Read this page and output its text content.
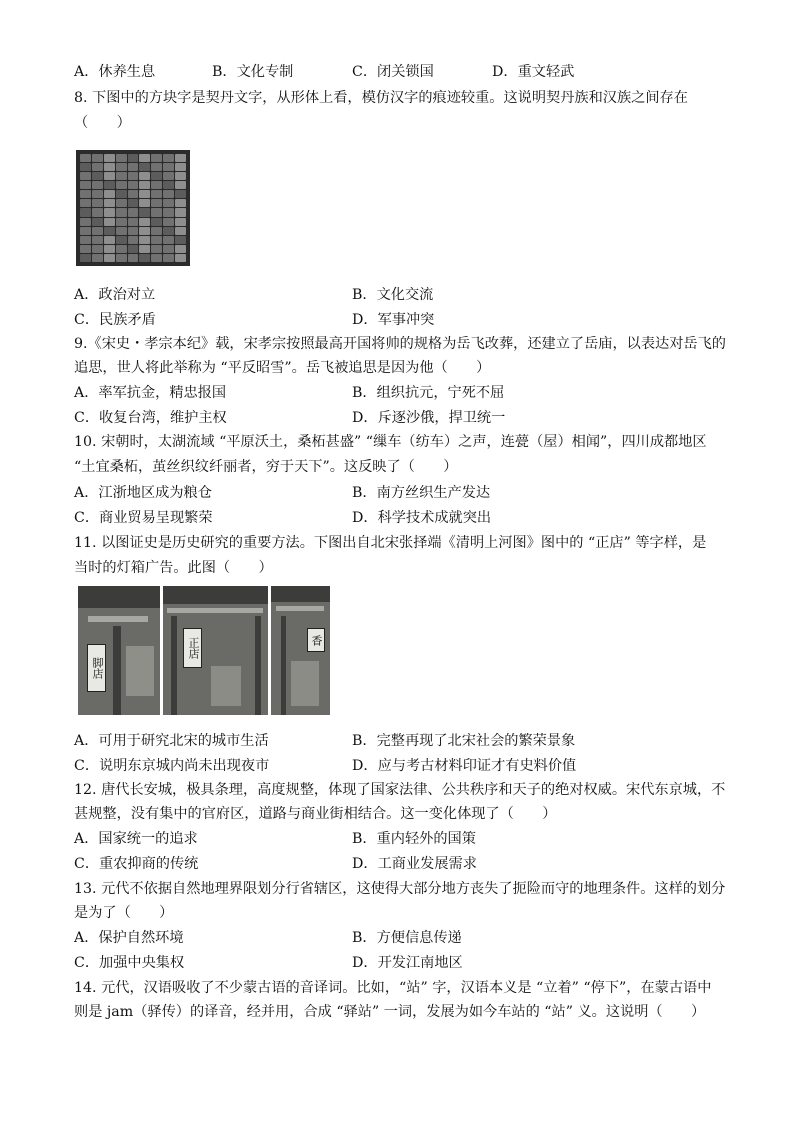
A．休养生息	B．文化专制	C．闭关锁国	D．重文轻武
8. 下图中的方块字是契丹文字，从形体上看，模仿汉字的痕迹较重。这说明契丹族和汉族之间存在
（　　）
A．政治对立	B．文化交流
C．民族矛盾	D．军事冲突
9.《宋史・孝宗本纪》载，宋孝宗按照最高开国将帅的规格为岳飞改葬，还建立了岳庙，以表达对岳飞的
追思，世人将此举称为 “平反昭雪”。岳飞被追思是因为他（　　）
A．率军抗金，精忠报国	B．组织抗元，宁死不屈
C．收复台湾，维护主权	D．斥逐沙俄，捍卫统一
10. 宋朝时，太湖流域 “平原沃土，桑柘甚盛” “缫车（纺车）之声，连甍（屋）相闻”，四川成都地区
“土宜桑柘，茧丝织纹纤丽者，穷于天下”。这反映了（　　）
A．江浙地区成为粮仓	B．南方丝织生产发达
C．商业贸易呈现繁荣	D．科学技术成就突出
11. 以图证史是历史研究的重要方法。下图出自北宋张择端《清明上河图》图中的 “正店” 等字样，是
当时的灯箱广告。此图（　　）
脚店
正店	香
A．可用于研究北宋的城市生活	B．完整再现了北宋社会的繁荣景象
C．说明东京城内尚未出现夜市	D．应与考古材料印证才有史料价值
12. 唐代长安城，极具条理，高度规整，体现了国家法律、公共秩序和天子的绝对权威。宋代东京城，不
甚规整，没有集中的官府区，道路与商业街相结合。这一变化体现了（　　）
A．国家统一的追求	B．重内轻外的国策
C．重农抑商的传统	D．工商业发展需求
13. 元代不依据自然地理界限划分行省辖区，这使得大部分地方丧失了扼险而守的地理条件。这样的划分
是为了（　　）
A．保护自然环境	B．方便信息传递
C．加强中央集权	D．开发江南地区
14. 元代，汉语吸收了不少蒙古语的音译词。比如，“站” 字，汉语本义是 “立着” “停下”，在蒙古语中
则是 jam（驿传）的译音，经并用，合成 “驿站” 一词，发展为如今车站的 “站” 义。这说明（　　）
